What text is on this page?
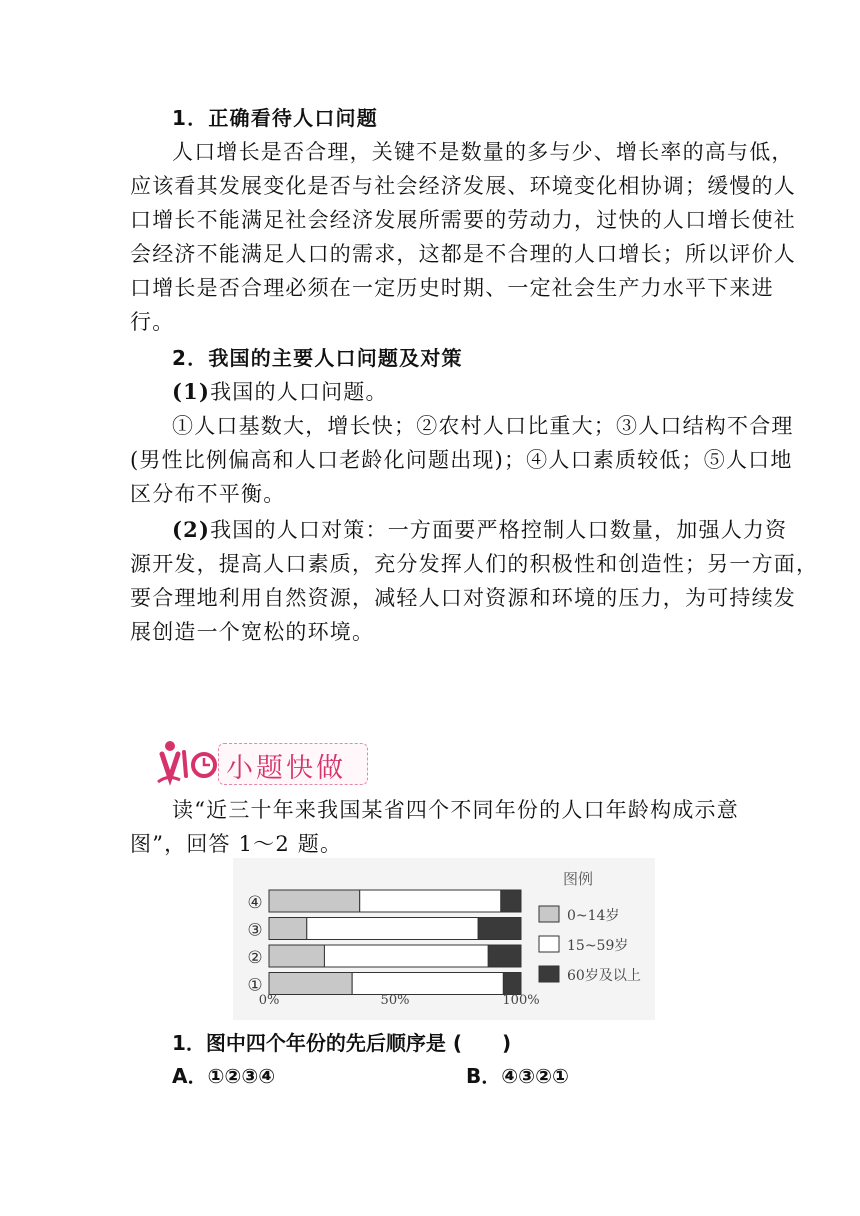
1．正确看待人口问题
人口增长是否合理，关键不是数量的多与少、增长率的高与低，
应该看其发展变化是否与社会经济发展、环境变化相协调；缓慢的人
口增长不能满足社会经济发展所需要的劳动力，过快的人口增长使社
会经济不能满足人口的需求，这都是不合理的人口增长；所以评价人
口增长是否合理必须在一定历史时期、一定社会生产力水平下来进
行。
2．我国的主要人口问题及对策
(1)我国的人口问题。
①人口基数大，增长快；②农村人口比重大；③人口结构不合理
(男性比例偏高和人口老龄化问题出现)；④人口素质较低；⑤人口地
区分布不平衡。
(2) 我国的人口对策：一方面要严格控制人口数量，加强人力资
源开发，提高人口素质，充分发挥人们的积极性和创造性；另一方面，
要合理地利用自然资源，减轻人口对资源和环境的压力，为可持续发
展创造一个宽松的环境。
小题快做
读“近三十年来我国某省四个不同年份的人口年龄构成示意
图”，回答 1～2 题。
④
③
②
①
0%	50%	100%
图例
0~14岁
15~59岁
60岁及以上
1．图中四个年份的先后顺序是 (　　)
A．①②③④	B．④③②①
